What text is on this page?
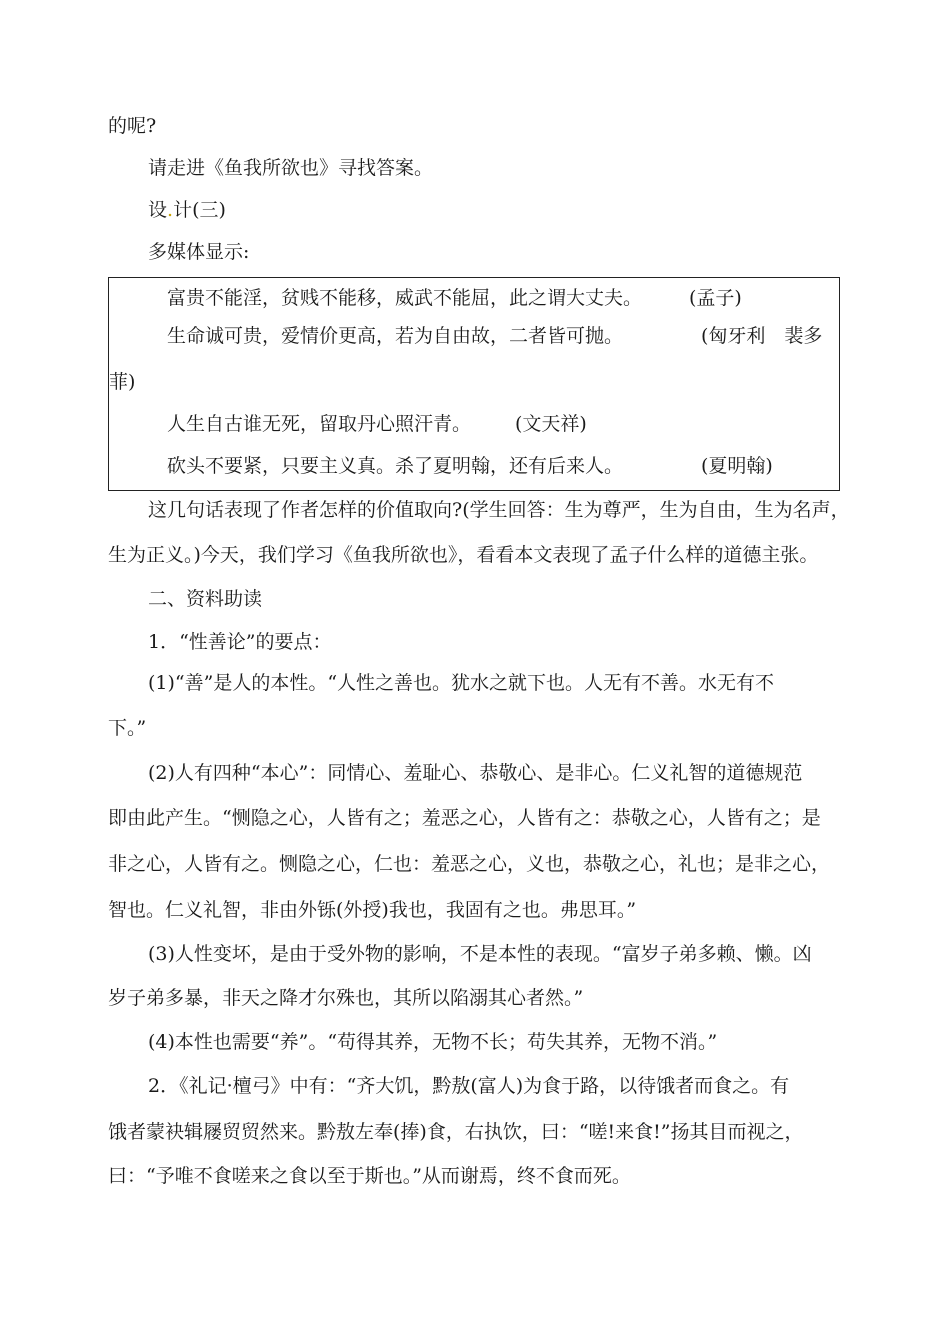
的呢?
请走进《鱼我所欲也》寻找答案。
设.计(三)
多媒体显示:
富贵不能淫，贫贱不能移，威武不能屈，此之谓大丈夫。 (孟子)
生命诚可贵，爱情价更高，若为自由故，二者皆可抛。	(匈牙利　裴多
菲)
人生自古谁无死，留取丹心照汗青。 (文天祥)
砍头不要紧，只要主义真。杀了夏明翰，还有后来人。	(夏明翰)
这几句话表现了作者怎样的价值取向?(学生回答：生为尊严，生为自由，生为名声，
生为正义。)今天，我们学习《鱼我所欲也》，看看本文表现了孟子什么样的道德主张。
二、资料助读
1．“性善论”的要点：
(1)“善”是人的本性。“人性之善也。犹水之就下也。人无有不善。水无有不
下。”
(2)人有四种“本心”：同情心、羞耻心、恭敬心、是非心。仁义礼智的道德规范
即由此产生。“恻隐之心，人皆有之；羞恶之心，人皆有之：恭敬之心，人皆有之；是
非之心，人皆有之。恻隐之心，仁也：羞恶之心，义也，恭敬之心，礼也；是非之心，
智也。仁义礼智，非由外铄(外授)我也，我固有之也。弗思耳。”
(3)人性变坏，是由于受外物的影响，不是本性的表现。“富岁子弟多赖、懒。凶
岁子弟多暴，非天之降才尔殊也，其所以陷溺其心者然。”
(4)本性也需要“养”。“苟得其养，无物不长；苟失其养，无物不消。”
2．《礼记·檀弓》中有：“齐大饥，黔敖(富人)为食于路，以待饿者而食之。有
饿者蒙袂辑屦贸贸然来。黔敖左奉(捧)食，右执饮，曰：“嗟!来食!”扬其目而视之，
曰：“予唯不食嗟来之食以至于斯也。”从而谢焉，终不食而死。
